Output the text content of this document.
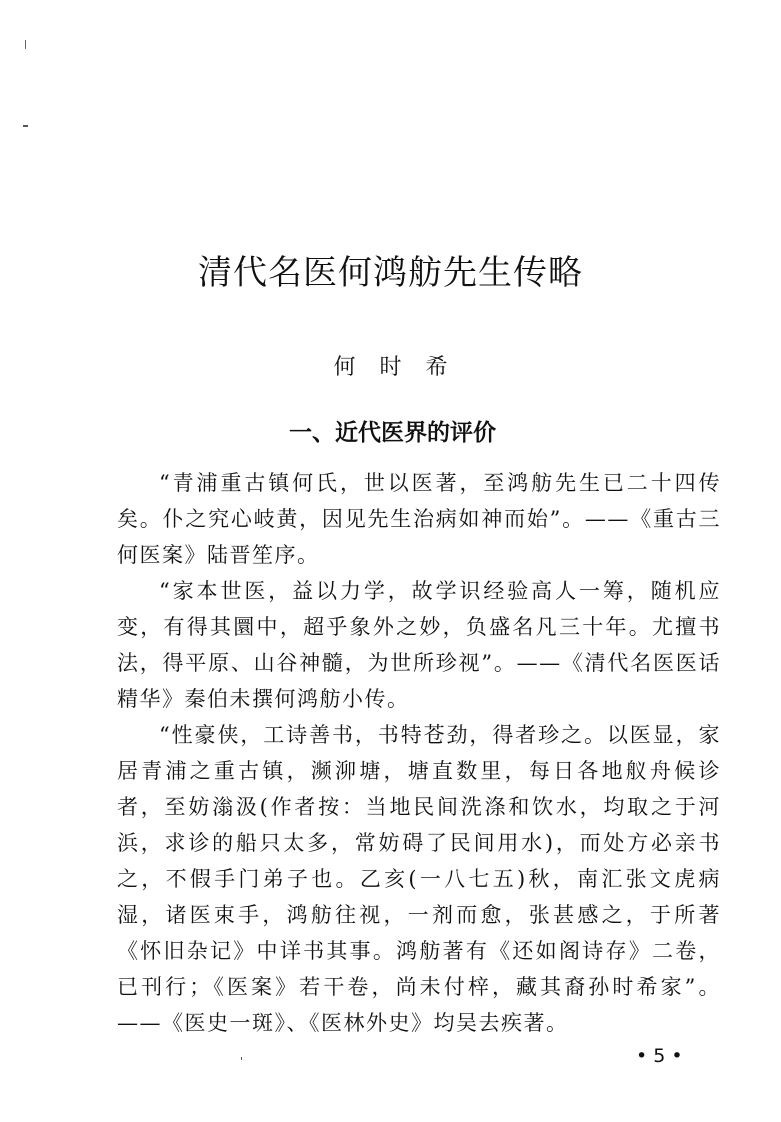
清代名医何鸿舫先生传略
何时希
一、近代医界的评价

“青浦重古镇何氏，世以医著，至鸿舫先生已二十四传矣。仆之究心岐黄，因见先生治病如神而始”。——《重古三何医案》陆晋笙序。

“家本世医，益以力学，故学识经验高人一筹，随机应变，有得其圜中，超乎象外之妙，负盛名凡三十年。尤擅书法，得平原、山谷神髓，为世所珍视”。——《清代名医医话精华》秦伯未撰何鸿舫小传。

“性豪侠，工诗善书，书特苍劲，得者珍之。以医显，家居青浦之重古镇，濒泖塘，塘直数里，每日各地舣舟候诊者，至妨滃汲(作者按：当地民间洗涤和饮水，均取之于河浜，求诊的船只太多，常妨碍了民间用水)，而处方必亲书之，不假手门弟子也。乙亥(一八七五)秋，南汇张文虎病湿，诸医束手，鸿舫往视，一剂而愈，张甚感之，于所著《怀旧杂记》中详书其事。鸿舫著有《还如阁诗存》二卷，已刊行；《医案》若干卷，尚未付梓，藏其裔孙时希家”。——《医史一斑》、《医林外史》均吴去疾著。

• 5 •
